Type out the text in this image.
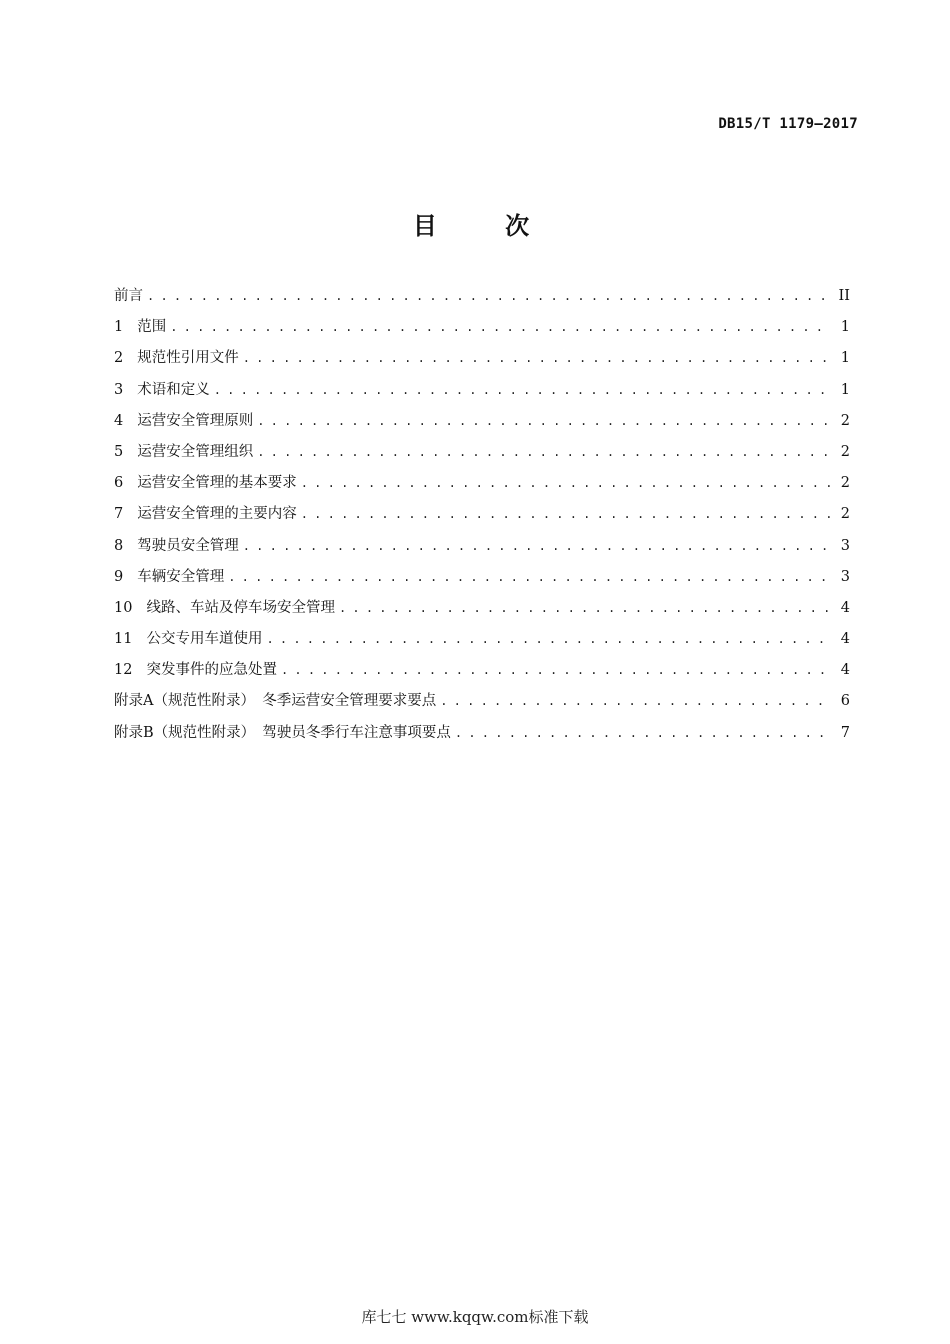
DB15/T 1179—2017
目 次
前言 . . .	II
1 范围 . . .	1
2 规范性引用文件 . . .	1
3 术语和定义 . . .	1
4 运营安全管理原则 . . .	2
5 运营安全管理组织 . . .	2
6 运营安全管理的基本要求 . . .	2
7 运营安全管理的主要内容 . . .	2
8 驾驶员安全管理 . . .	3
9 车辆安全管理 . . .	3
10 线路、车站及停车场安全管理 . . .	4
11 公交专用车道使用 . . .	4
12 突发事件的应急处置 . . .	4
附录A（规范性附录）　冬季运营安全管理要求要点 . . .	6
附录B（规范性附录）　驾驶员冬季行车注意事项要点 . . .	7
库七七 www.kqqw.com标准下载
